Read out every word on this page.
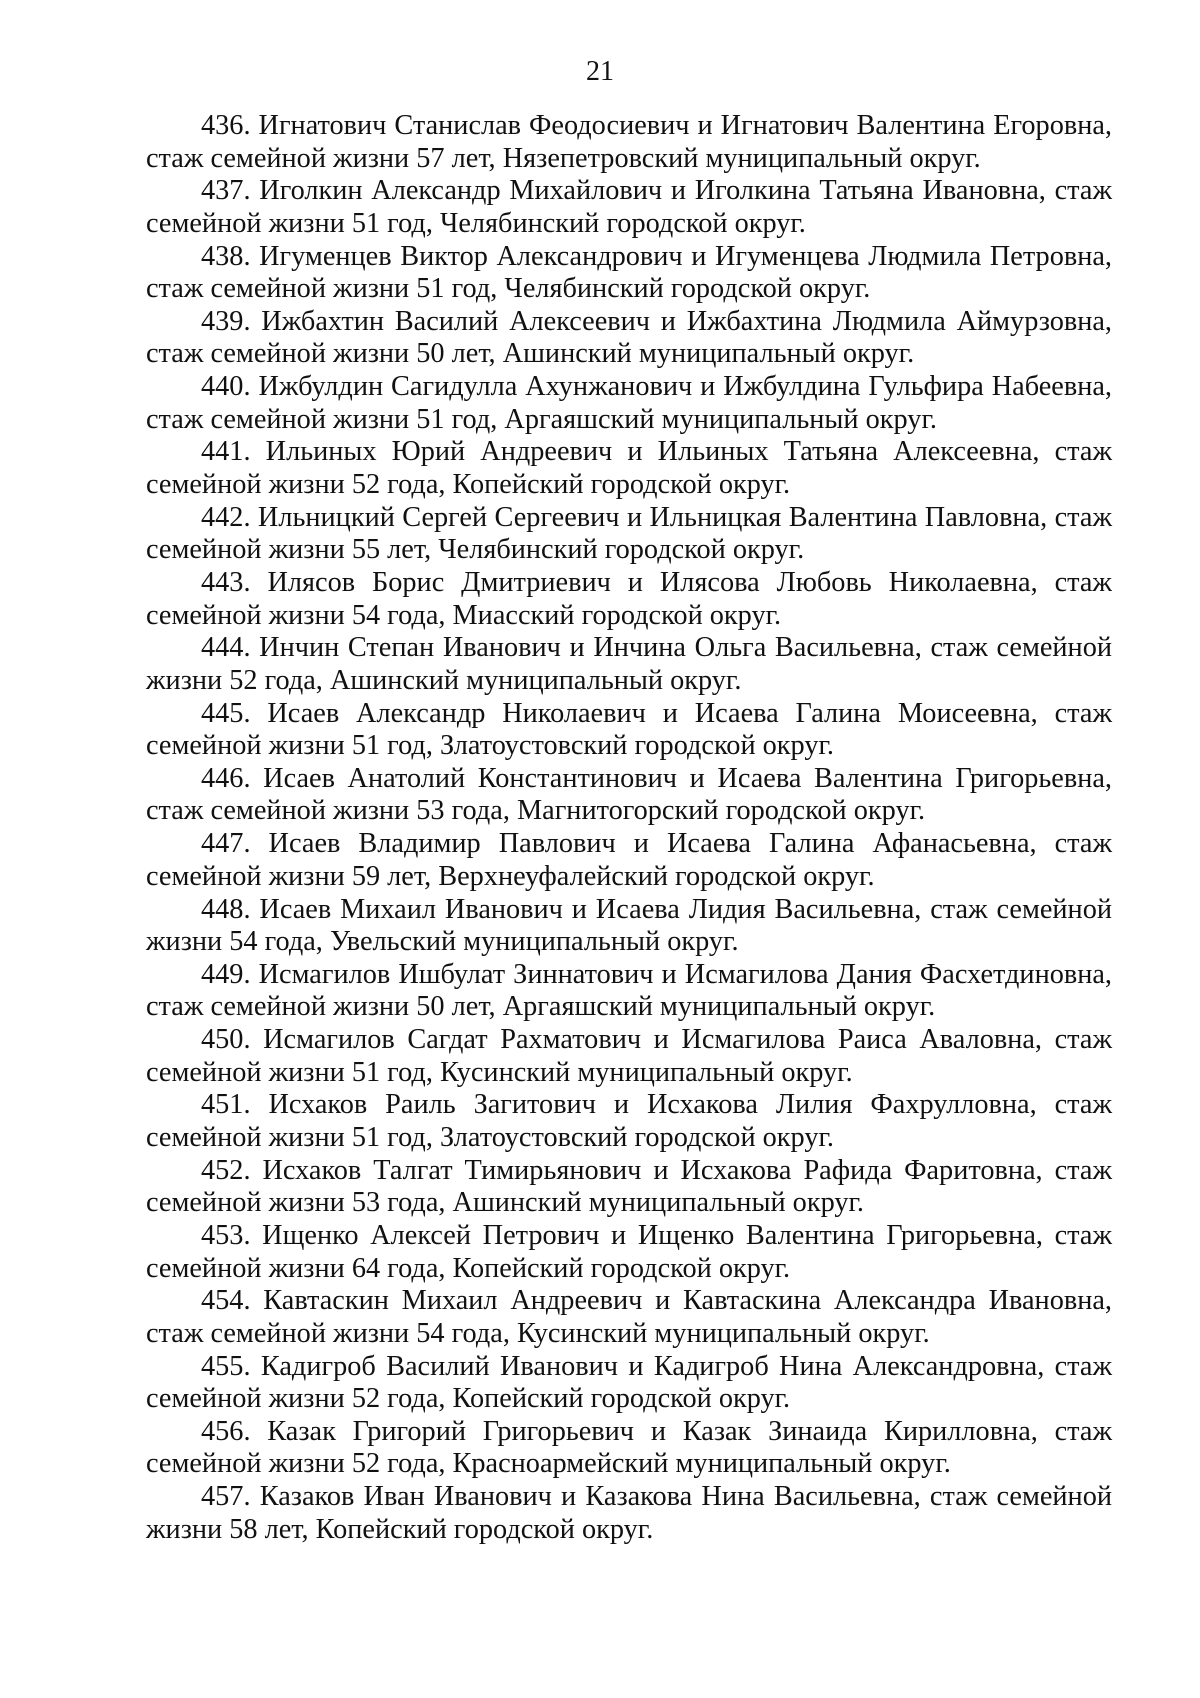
21

436. Игнатович Станислав Феодосиевич и Игнатович Валентина Егоровна, стаж семейной жизни 57 лет, Нязепетровский муниципальный округ.

437. Иголкин Александр Михайлович и Иголкина Татьяна Ивановна, стаж семейной жизни 51 год, Челябинский городской округ.

438. Игуменцев Виктор Александрович и Игуменцева Людмила Петровна, стаж семейной жизни 51 год, Челябинский городской округ.

439. Ижбахтин Василий Алексеевич и Ижбахтина Людмила Аймурзовна, стаж семейной жизни 50 лет, Ашинский муниципальный округ.

440. Ижбулдин Сагидулла Ахунжанович и Ижбулдина Гульфира Набеевна, стаж семейной жизни 51 год, Аргаяшский муниципальный округ.

441. Ильиных Юрий Андреевич и Ильиных Татьяна Алексеевна, стаж семейной жизни 52 года, Копейский городской округ.

442. Ильницкий Сергей Сергеевич и Ильницкая Валентина Павловна, стаж семейной жизни 55 лет, Челябинский городской округ.

443. Илясов Борис Дмитриевич и Илясова Любовь Николаевна, стаж семейной жизни 54 года, Миасский городской округ.

444. Инчин Степан Иванович и Инчина Ольга Васильевна, стаж семейной жизни 52 года, Ашинский муниципальный округ.

445. Исаев Александр Николаевич и Исаева Галина Моисеевна, стаж семейной жизни 51 год, Златоустовский городской округ.

446. Исаев Анатолий Константинович и Исаева Валентина Григорьевна, стаж семейной жизни 53 года, Магнитогорский городской округ.

447. Исаев Владимир Павлович и Исаева Галина Афанасьевна, стаж семейной жизни 59 лет, Верхнеуфалейский городской округ.

448. Исаев Михаил Иванович и Исаева Лидия Васильевна, стаж семейной жизни 54 года, Увельский муниципальный округ.

449. Исмагилов Ишбулат Зиннатович и Исмагилова Дания Фасхетдиновна, стаж семейной жизни 50 лет, Аргаяшский муниципальный округ.

450. Исмагилов Сагдат Рахматович и Исмагилова Раиса Аваловна, стаж семейной жизни 51 год, Кусинский муниципальный округ.

451. Исхаков Раиль Загитович и Исхакова Лилия Фахрулловна, стаж семейной жизни 51 год, Златоустовский городской округ.

452. Исхаков Талгат Тимирьянович и Исхакова Рафида Фаритовна, стаж семейной жизни 53 года, Ашинский муниципальный округ.

453. Ищенко Алексей Петрович и Ищенко Валентина Григорьевна, стаж семейной жизни 64 года, Копейский городской округ.

454. Кавтаскин Михаил Андреевич и Кавтаскина Александра Ивановна, стаж семейной жизни 54 года, Кусинский муниципальный округ.

455. Кадигроб Василий Иванович и Кадигроб Нина Александровна, стаж семейной жизни 52 года, Копейский городской округ.

456. Казак Григорий Григорьевич и Казак Зинаида Кирилловна, стаж семейной жизни 52 года, Красноармейский муниципальный округ.

457. Казаков Иван Иванович и Казакова Нина Васильевна, стаж семейной жизни 58 лет, Копейский городской округ.
